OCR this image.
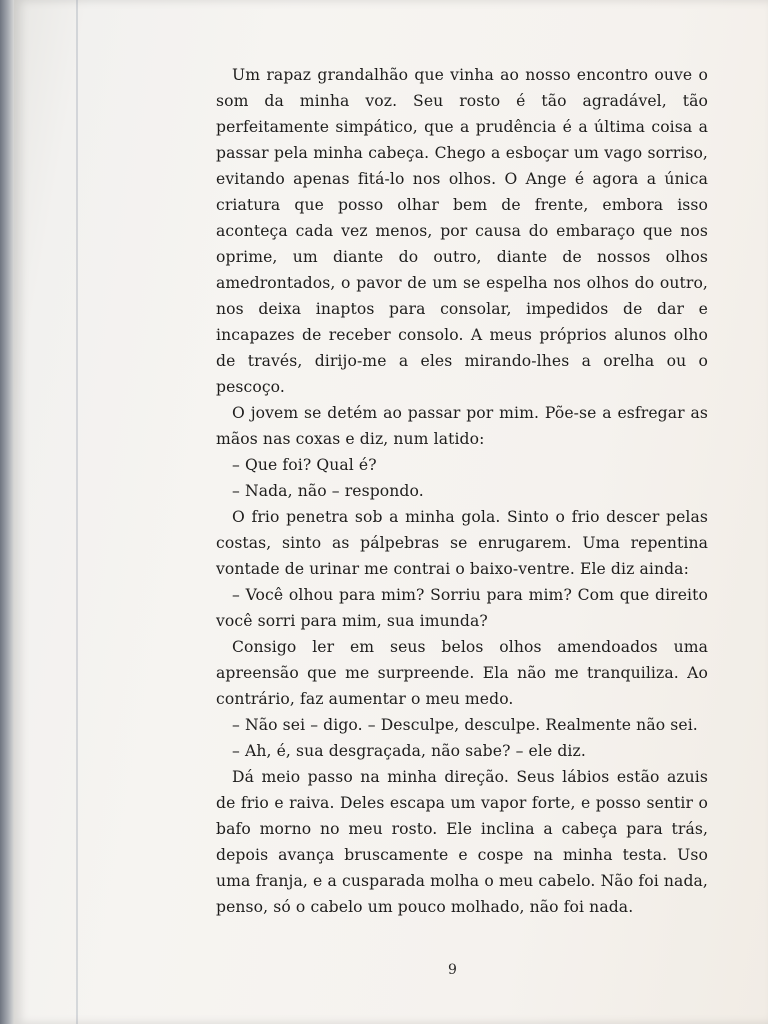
Um rapaz grandalhão que vinha ao nosso encontro ouve o som da minha voz. Seu rosto é tão agradável, tão perfeitamente simpático, que a prudência é a última coisa a passar pela minha cabeça. Chego a esboçar um vago sorriso, evitando apenas fitá-lo nos olhos. O Ange é agora a única criatura que posso olhar bem de frente, embora isso aconteça cada vez menos, por causa do embaraço que nos oprime, um diante do outro, diante de nossos olhos amedrontados, o pavor de um se espelha nos olhos do outro, nos deixa inaptos para consolar, impedidos de dar e incapazes de receber consolo. A meus próprios alunos olho de través, dirijo-me a eles mirando-lhes a orelha ou o pescoço.

O jovem se detém ao passar por mim. Põe-se a esfregar as mãos nas coxas e diz, num latido:

– Que foi? Qual é?

– Nada, não – respondo.

O frio penetra sob a minha gola. Sinto o frio descer pelas costas, sinto as pálpebras se enrugarem. Uma repentina vontade de urinar me contrai o baixo-ventre. Ele diz ainda:

– Você olhou para mim? Sorriu para mim? Com que direito você sorri para mim, sua imunda?

Consigo ler em seus belos olhos amendoados uma apreensão que me surpreende. Ela não me tranquiliza. Ao contrário, faz aumentar o meu medo.

– Não sei – digo. – Desculpe, desculpe. Realmente não sei.

– Ah, é, sua desgraçada, não sabe? – ele diz.

Dá meio passo na minha direção. Seus lábios estão azuis de frio e raiva. Deles escapa um vapor forte, e posso sentir o bafo morno no meu rosto. Ele inclina a cabeça para trás, depois avança bruscamente e cospe na minha testa. Uso uma franja, e a cusparada molha o meu cabelo. Não foi nada, penso, só o cabelo um pouco molhado, não foi nada.

9
